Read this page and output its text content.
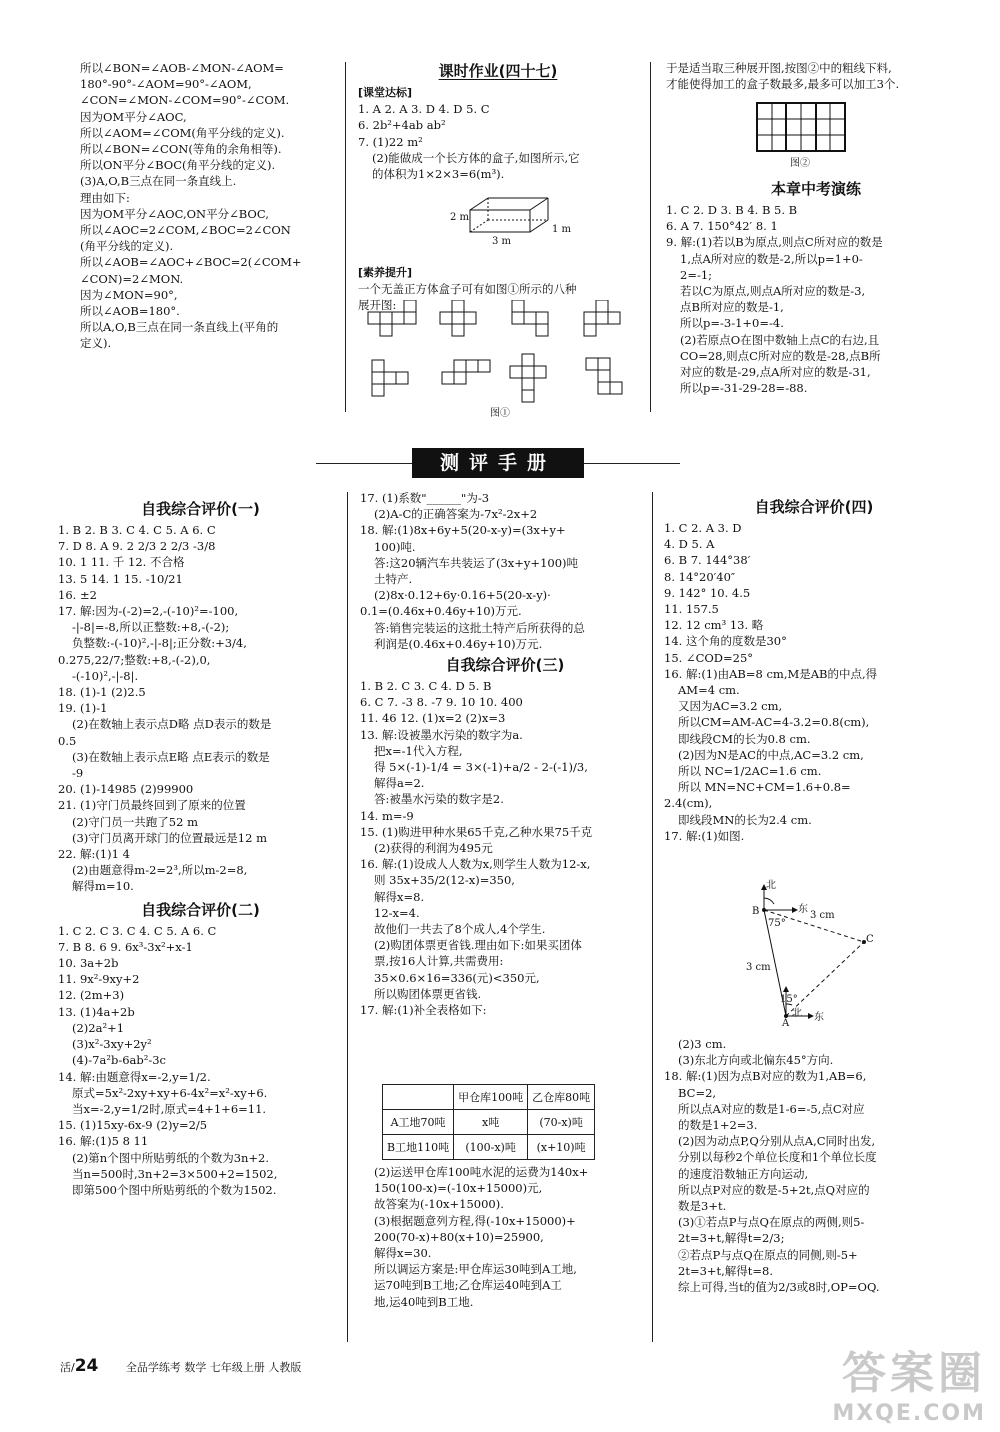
所以∠BON=∠AOB-∠MON-∠AOM=
180°-90°-∠AOM=90°-∠AOM,
∠CON=∠MON-∠COM=90°-∠COM.
因为OM平分∠AOC,
所以∠AOM=∠COM(角平分线的定义).
所以∠BON=∠CON(等角的余角相等).
所以ON平分∠BOC(角平分线的定义).
(3)A,O,B三点在同一条直线上.
理由如下:
因为OM平分∠AOC,ON平分∠BOC,
所以∠AOC=2∠COM,∠BOC=2∠CON
(角平分线的定义).
所以∠AOB=∠AOC+∠BOC=2(∠COM+
∠CON)=2∠MON.
因为∠MON=90°,
所以∠AOB=180°.
所以A,O,B三点在同一条直线上(平角的
定义).
课时作业(四十七)
[课堂达标]
1. A 2. A 3. D 4. D 5. C
6. 2b²+4ab ab²
7. (1)22 m²
(2)能做成一个长方体的盒子,如图所示,它
的体积为1×2×3=6(m³).
2 m
3 m
1 m
[素养提升]
一个无盖正方体盒子可有如图①所示的八种
展开图:
图①
于是适当取三种展开图,按图②中的粗线下料,
才能使得加工的盒子数最多,最多可以加工3个.
图②
本章中考演练
1. C 2. D 3. B 4. B 5. B
6. A 7. 150°42′ 8. 1
9. 解:(1)若以B为原点,则点C所对应的数是
1,点A所对应的数是-2,所以p=1+0-
2=-1;
若以C为原点,则点A所对应的数是-3,
点B所对应的数是-1,
所以p=-3-1+0=-4.
(2)若原点O在图中数轴上点C的右边,且
CO=28,则点C所对应的数是-28,点B所
对应的数是-29,点A所对应的数是-31,
所以p=-31-29-28=-88.
测评手册
自我综合评价(一)
1. B 2. B 3. C 4. C 5. A 6. C
7. D 8. A 9. 2 2/3 2 2/3 -3/8
10. 1 11. 千 12. 不合格
13. 5 14. 1 15. -10/21
16. ±2
17. 解:因为-(-2)=2,-(-10)²=-100,
-|-8|=-8,所以正整数:+8,-(-2);
负整数:-(-10)²,-|-8|;正分数:+3/4,
0.275,22/7;整数:+8,-(-2),0,
-(-10)²,-|-8|.
18. (1)-1 (2)2.5
19. (1)-1
(2)在数轴上表示点D略 点D表示的数是
0.5
(3)在数轴上表示点E略 点E表示的数是
-9
20. (1)-14985 (2)99900
21. (1)守门员最终回到了原来的位置
(2)守门员一共跑了52 m
(3)守门员离开球门的位置最远是12 m
22. 解:(1)1 4
(2)由题意得m-2=2³,所以m-2=8,
解得m=10.
自我综合评价(二)
1. C 2. C 3. C 4. C 5. A 6. C
7. B 8. 6 9. 6x³-3x²+x-1
10. 3a+2b
11. 9x²-9xy+2
12. (2m+3)
13. (1)4a+2b
(2)2a²+1
(3)x²-3xy+2y²
(4)-7a²b-6ab²-3c
14. 解:由题意得x=-2,y=1/2.
原式=5x²-2xy+xy+6-4x²=x²-xy+6.
当x=-2,y=1/2时,原式=4+1+6=11.
15. (1)15xy-6x-9 (2)y=2/5
16. 解:(1)5 8 11
(2)第n个图中所贴剪纸的个数为3n+2.
当n=500时,3n+2=3×500+2=1502,
即第500个图中所贴剪纸的个数为1502.
17. (1)系数"______"为-3
(2)A-C的正确答案为-7x²-2x+2
18. 解:(1)8x+6y+5(20-x-y)=(3x+y+
100)吨.
答:这20辆汽车共装运了(3x+y+100)吨
土特产.
(2)8x·0.12+6y·0.16+5(20-x-y)·
0.1=(0.46x+0.46y+10)万元.
答:销售完装运的这批土特产后所获得的总
利润是(0.46x+0.46y+10)万元.
自我综合评价(三)
1. B 2. C 3. C 4. D 5. B
6. C 7. -3 8. -7 9. 10 10. 400
11. 46 12. (1)x=2 (2)x=3
13. 解:设被墨水污染的数字为a.
把x=-1代入方程,
得 5×(-1)-1/4 = 3×(-1)+a/2 - 2-(-1)/3,
解得a=2.
答:被墨水污染的数字是2.
14. m=-9
15. (1)购进甲种水果65千克,乙种水果75千克
(2)获得的利润为495元
16. 解:(1)设成人人数为x,则学生人数为12-x,
则 35x+35/2(12-x)=350,
解得x=8.
12-x=4.
故他们一共去了8个成人,4个学生.
(2)购团体票更省钱.理由如下:如果买团体
票,按16人计算,共需费用:
35×0.6×16=336(元)<350元,
所以购团体票更省钱.
17. 解:(1)补全表格如下:
	甲仓库100吨	乙仓库80吨
A工地70吨	x吨	(70-x)吨
B工地110吨	(100-x)吨	(x+10)吨
(2)运送甲仓库100吨水泥的运费为140x+
150(100-x)=(-10x+15000)元,
故答案为(-10x+15000).
(3)根据题意列方程,得(-10x+15000)+
200(70-x)+80(x+10)=25900,
解得x=30.
所以调运方案是:甲仓库运30吨到A工地,
运70吨到B工地;乙仓库运40吨到A工
地,运40吨到B工地.
自我综合评价(四)
1. C 2. A 3. D
4. D 5. A
6. B 7. 144°38′
8. 14°20′40″
9. 142° 10. 4.5
11. 157.5
12. 12 cm³ 13. 略
14. 这个角的度数是30°
15. ∠COD=25°
16. 解:(1)由AB=8 cm,M是AB的中点,得
AM=4 cm.
又因为AC=3.2 cm,
所以CM=AM-AC=4-3.2=0.8(cm),
即线段CM的长为0.8 cm.
(2)因为N是AC的中点,AC=3.2 cm,
所以 NC=1/2AC=1.6 cm.
所以 MN=NC+CM=1.6+0.8=
2.4(cm),
即线段MN的长为2.4 cm.
17. 解:(1)如图.
北
东
B	3 cm
75°
C
3 cm
15°
北
A
东
(2)3 cm.
(3)东北方向或北偏东45°方向.
18. 解:(1)因为点B对应的数为1,AB=6,
BC=2,
所以点A对应的数是1-6=-5,点C对应
的数是1+2=3.
(2)因为动点P,Q分别从点A,C同时出发,
分别以每秒2个单位长度和1个单位长度
的速度沿数轴正方向运动,
所以点P对应的数是-5+2t,点Q对应的
数是3+t.
(3)①若点P与点Q在原点的两侧,则5-
2t=3+t,解得t=2/3;
②若点P与点Q在原点的同侧,则-5+
2t=3+t,解得t=8.
综上可得,当t的值为2/3或8时,OP=OQ.
活/24	全品学练考 数学 七年级上册 人教版	答案圈
MXQE.COM
